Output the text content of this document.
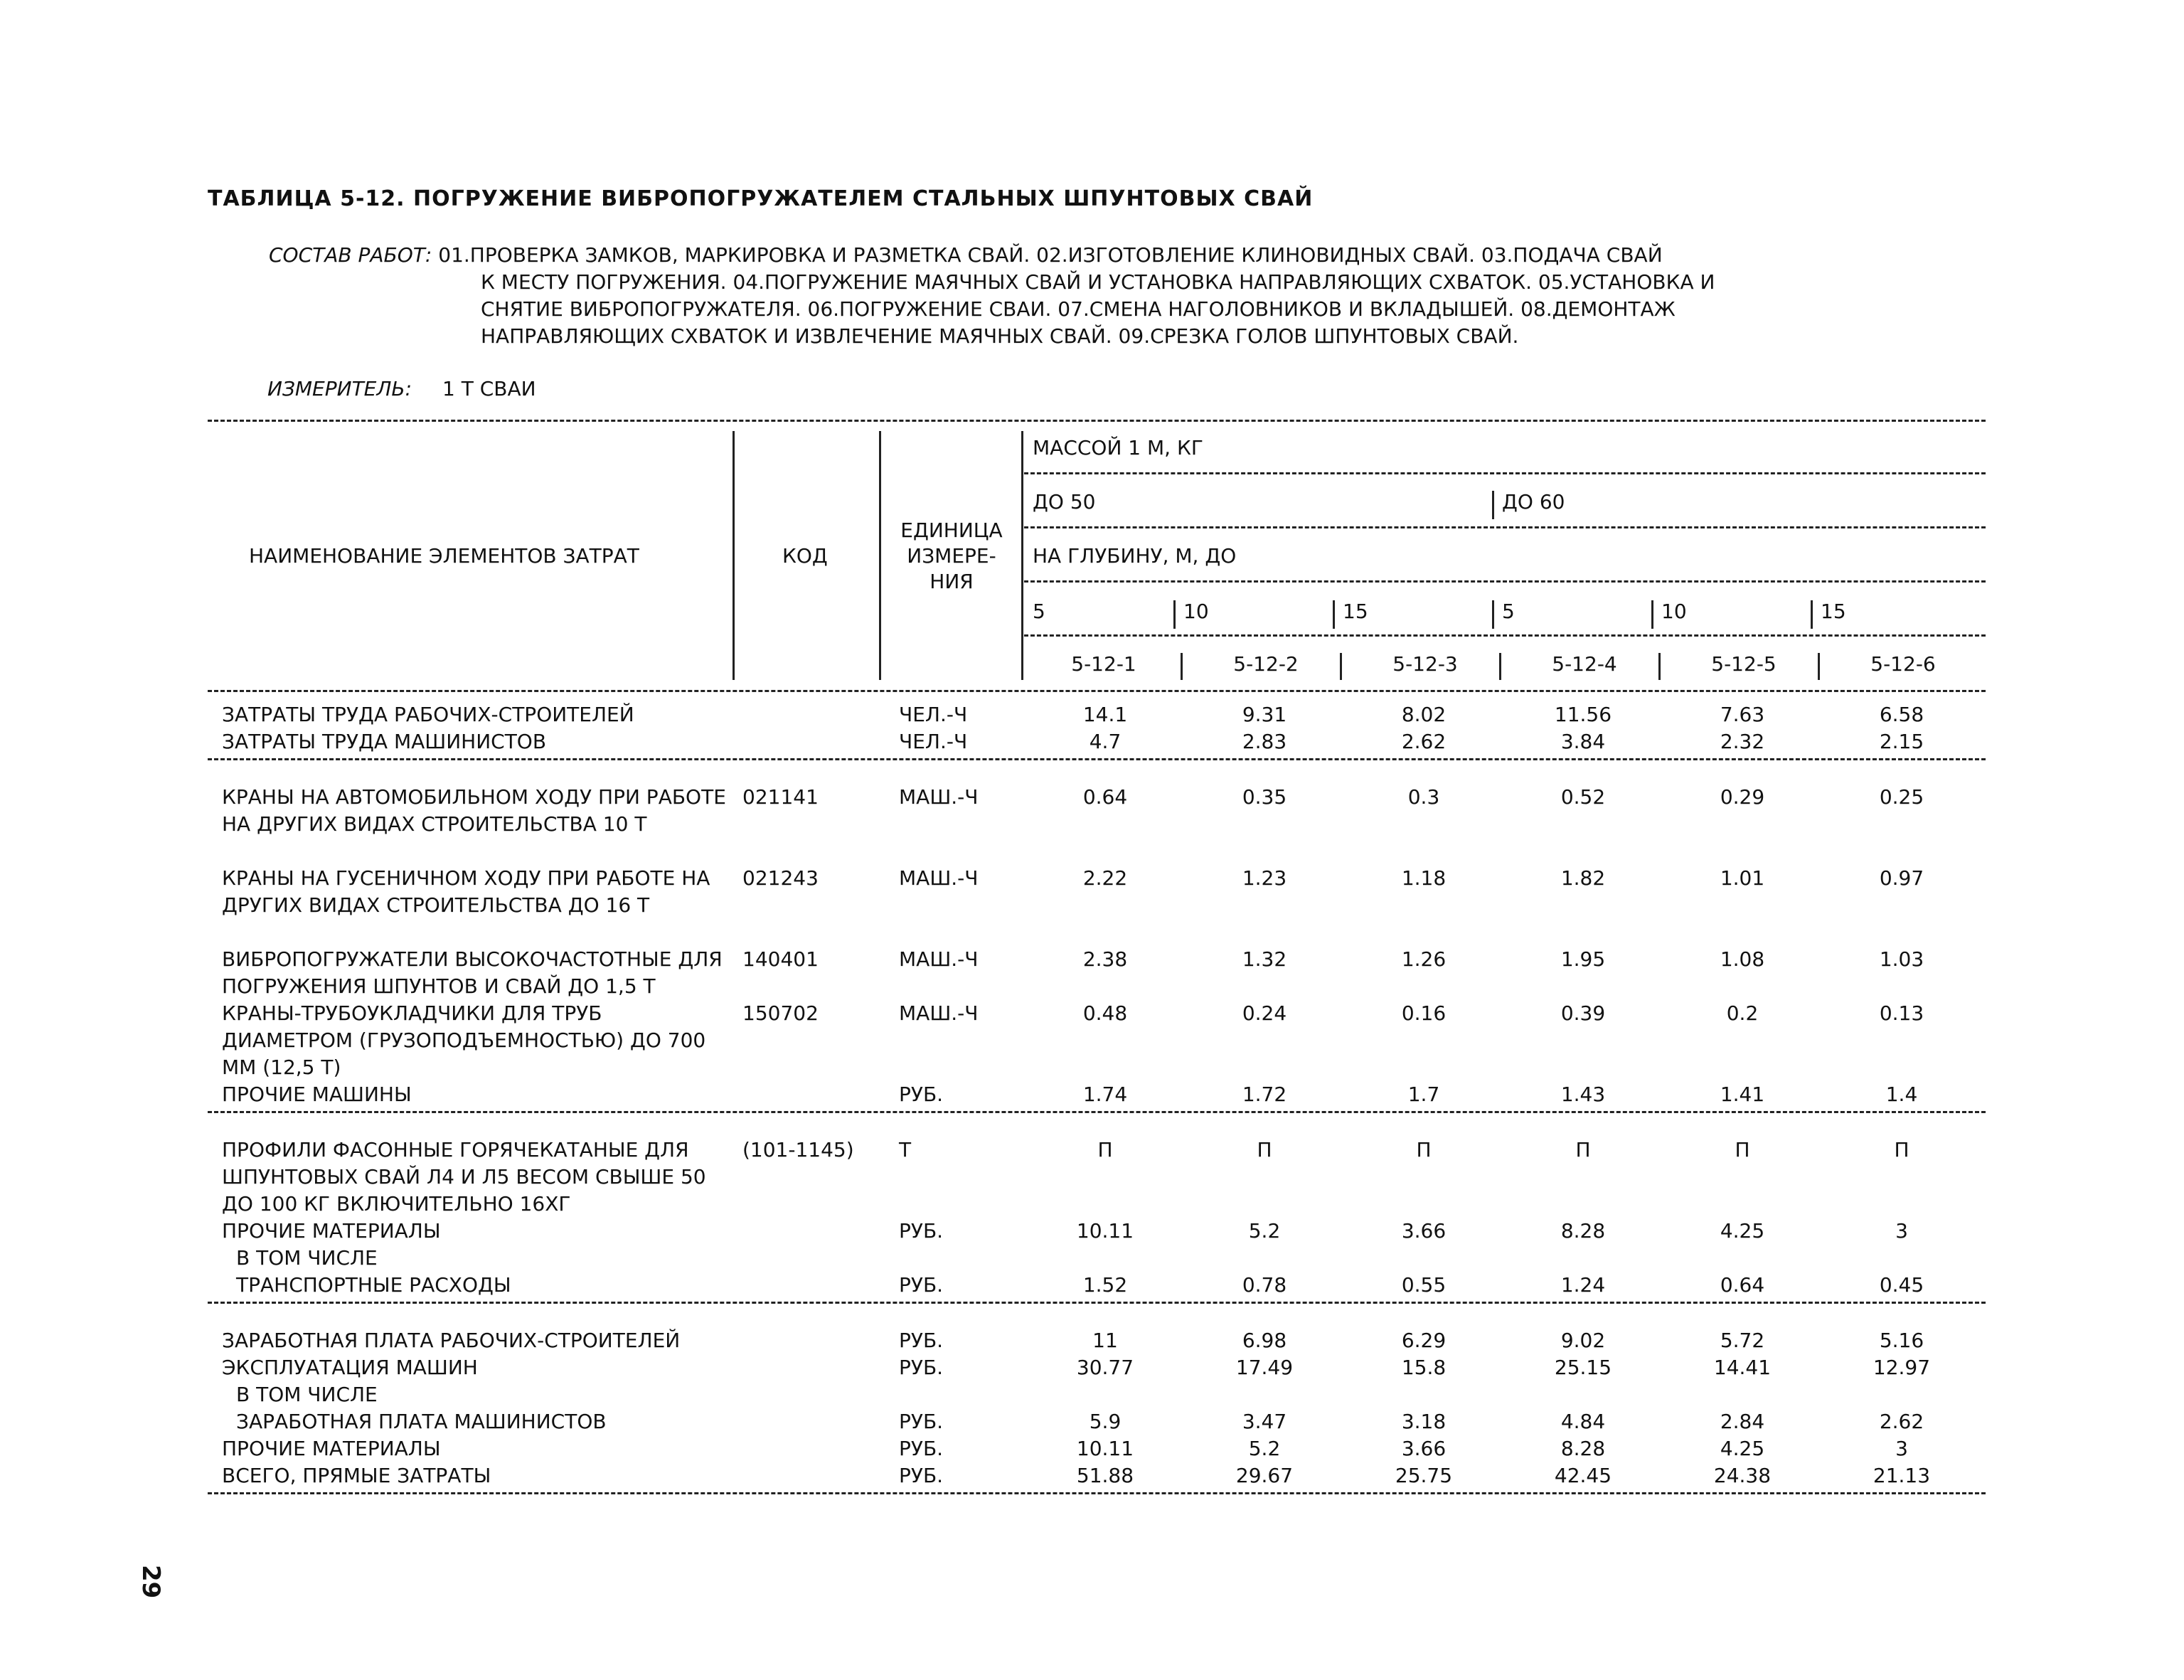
ТАБЛИЦА 5-12. ПОГРУЖЕНИЕ ВИБРОПОГРУЖАТЕЛЕМ СТАЛЬНЫХ ШПУНТОВЫХ СВАЙ
СОСТАВ РАБОТ: 01.ПРОВЕРКА ЗАМКОВ, МАРКИРОВКА И РАЗМЕТКА СВАЙ. 02.ИЗГОТОВЛЕНИЕ КЛИНОВИДНЫХ СВАЙ. 03.ПОДАЧА СВАЙ
К МЕСТУ ПОГРУЖЕНИЯ. 04.ПОГРУЖЕНИЕ МАЯЧНЫХ СВАЙ И УСТАНОВКА НАПРАВЛЯЮЩИХ СХВАТОК. 05.УСТАНОВКА И
СНЯТИЕ ВИБРОПОГРУЖАТЕЛЯ. 06.ПОГРУЖЕНИЕ СВАИ. 07.СМЕНА НАГОЛОВНИКОВ И ВКЛАДЫШЕЙ. 08.ДЕМОНТАЖ
НАПРАВЛЯЮЩИХ СХВАТОК И ИЗВЛЕЧЕНИЕ МАЯЧНЫХ СВАЙ. 09.СРЕЗКА ГОЛОВ ШПУНТОВЫХ СВАЙ.
ИЗМЕРИТЕЛЬ: 1 Т СВАИ
НАИМЕНОВАНИЕ ЭЛЕМЕНТОВ ЗАТРАТ	КОД
ЕДИНИЦА
ИЗМЕРЕ-
НИЯ
МАССОЙ 1 М, КГ
ДО 50	ДО 60
НА ГЛУБИНУ, М, ДО
5	10	15	5	10	15
5-12-1	5-12-2	5-12-3	5-12-4	5-12-5	5-12-6
ЗАТРАТЫ ТРУДА РАБОЧИХ-СТРОИТЕЛЕЙ	ЧЕЛ.-Ч	14.1	9.31	8.02	11.56	7.63	6.58
ЗАТРАТЫ ТРУДА МАШИНИСТОВ	ЧЕЛ.-Ч	4.7	2.83	2.62	3.84	2.32	2.15
КРАНЫ НА АВТОМОБИЛЬНОМ ХОДУ ПРИ РАБОТЕ НА ДРУГИХ ВИДАХ СТРОИТЕЛЬСТВА 10 Т
021141	МАШ.-Ч	0.64	0.35	0.3	0.52	0.29	0.25
КРАНЫ НА ГУСЕНИЧНОМ ХОДУ ПРИ РАБОТЕ НА ДРУГИХ ВИДАХ СТРОИТЕЛЬСТВА ДО 16 Т
021243	МАШ.-Ч	2.22	1.23	1.18	1.82	1.01	0.97
ВИБРОПОГРУЖАТЕЛИ ВЫСОКОЧАСТОТНЫЕ ДЛЯ ПОГРУЖЕНИЯ ШПУНТОВ И СВАЙ ДО 1,5 Т
140401	МАШ.-Ч	2.38	1.32	1.26	1.95	1.08	1.03
КРАНЫ-ТРУБОУКЛАДЧИКИ ДЛЯ ТРУБ ДИАМЕТРОМ (ГРУЗОПОДЪЕМНОСТЬЮ) ДО 700 ММ (12,5 Т)
150702	МАШ.-Ч	0.48	0.24	0.16	0.39	0.2	0.13
ПРОЧИЕ МАШИНЫ	РУБ.	1.74	1.72	1.7	1.43	1.41	1.4
ПРОФИЛИ ФАСОННЫЕ ГОРЯЧЕКАТАНЫЕ ДЛЯ ШПУНТОВЫХ СВАЙ Л4 И Л5 ВЕСОМ СВЫШЕ 50 ДО 100 КГ ВКЛЮЧИТЕЛЬНО 16ХГ
(101-1145) Т	П	П	П	П	П	П
ПРОЧИЕ МАТЕРИАЛЫ	РУБ.	10.11	5.2	3.66	8.28	4.25	3
В ТОМ ЧИСЛЕ
ТРАНСПОРТНЫЕ РАСХОДЫ	РУБ.	1.52	0.78	0.55	1.24	0.64	0.45
ЗАРАБОТНАЯ ПЛАТА РАБОЧИХ-СТРОИТЕЛЕЙ	РУБ.	11	6.98	6.29	9.02	5.72	5.16
ЭКСПЛУАТАЦИЯ МАШИН	РУБ.	30.77	17.49	15.8	25.15	14.41	12.97
В ТОМ ЧИСЛЕ
ЗАРАБОТНАЯ ПЛАТА МАШИНИСТОВ	РУБ.	5.9	3.47	3.18	4.84	2.84	2.62
ПРОЧИЕ МАТЕРИАЛЫ	РУБ.	10.11	5.2	3.66	8.28	4.25	3
ВСЕГО, ПРЯМЫЕ ЗАТРАТЫ	РУБ.	51.88	29.67	25.75	42.45	24.38	21.13
29
